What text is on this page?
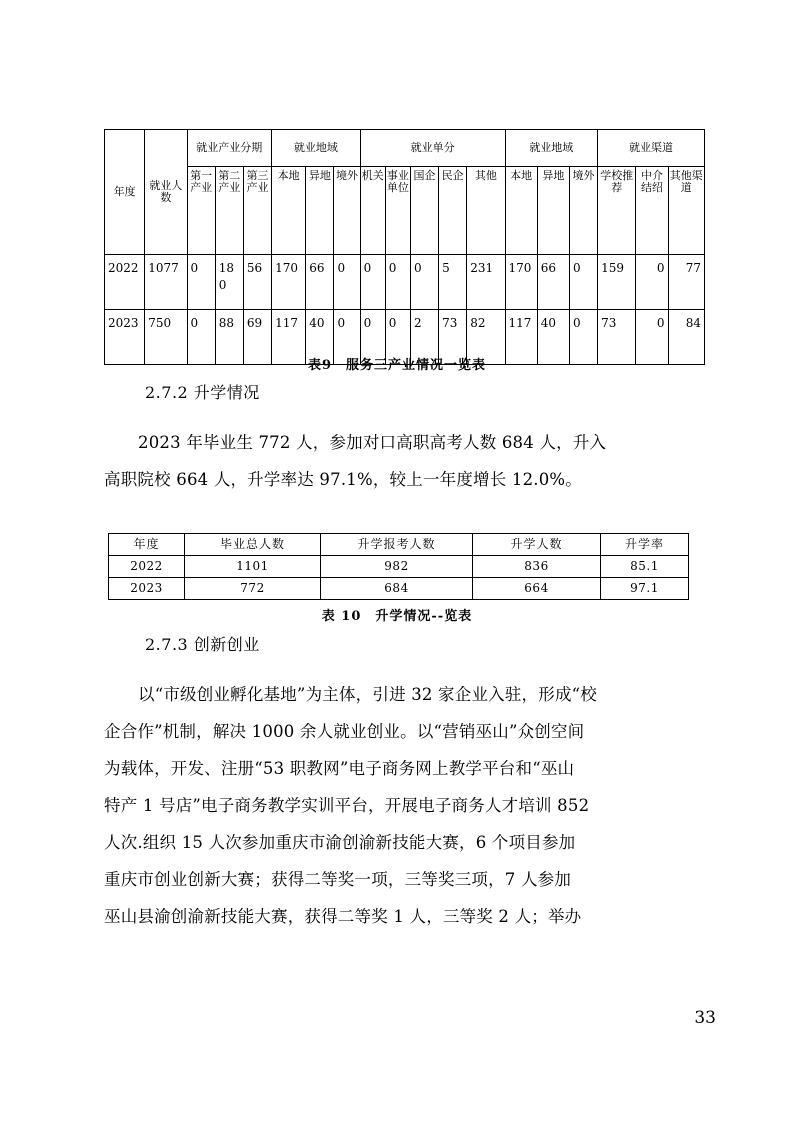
年度	就业人数	就业产业分期			就业地域			就业单分					就业地域			就业渠道		
		第一产业	第二产业	第三产业	本地	异地	境外	机关	事业单位	国企	民企	其他	本地	异地	境外	学校推荐	中介结绍	其他渠道
2022	1077	0	180	56	170	66	0	0	0	0	5	231	170	66	0	159	0	77
2023	750	0	88	69	117	40	0	0	0	2	73	82	117	40	0	73	0	84
表9 服务三产业情况一览表
2.7.2 升学情况
2023 年毕业生 772 人，参加对口高职高考人数 684 人，升入
高职院校 664 人，升学率达 97.1%，较上一年度增长 12.0%。
年度	毕业总人数	升学报考人数	升学人数	升学率
2022	1101	982	836	85.1
2023	772	684	664	97.1
表 10 升学情况--览表
2.7.3 创新创业
以“市级创业孵化基地”为主体，引进 32 家企业入驻，形成“校
企合作”机制，解决 1000 余人就业创业。以“营销巫山”众创空间
为载体，开发、注册“53 职教网”电子商务网上教学平台和“巫山
特产 1 号店”电子商务教学实训平台，开展电子商务人才培训 852
人次.组织 15 人次参加重庆市渝创渝新技能大赛，6 个项目参加
重庆市创业创新大赛；获得二等奖一项，三等奖三项，7 人参加
巫山县渝创渝新技能大赛，获得二等奖 1 人，三等奖 2 人；举办
33
